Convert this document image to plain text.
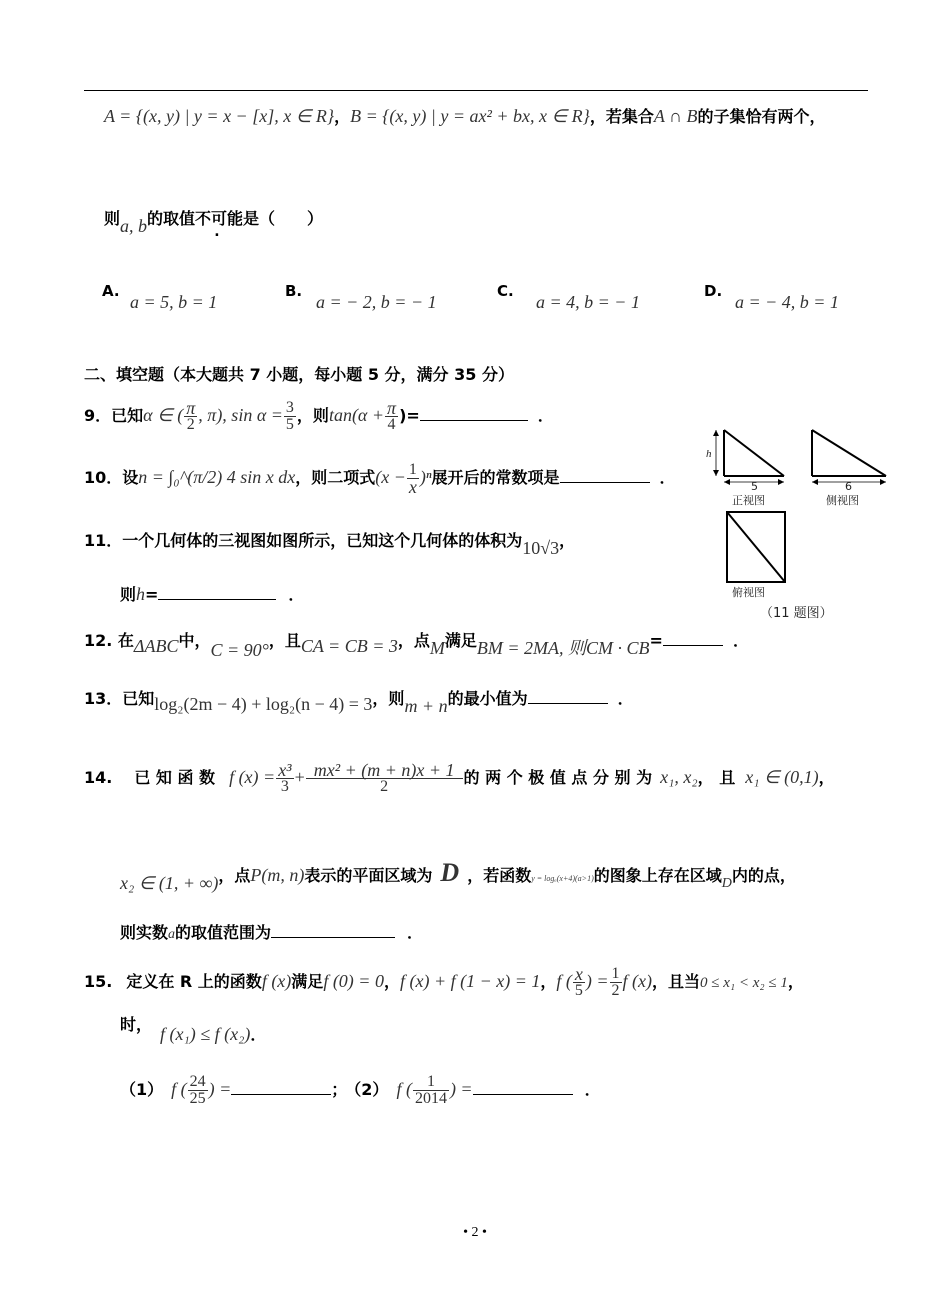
A = {(x, y) | y = x − [x], x ∈ R}，B = {(x, y) | y = ax² + bx, x ∈ R}，若集合A ∩ B的子集恰有两个，
则a, b的取值不可能是（　　）
A.
a = 5, b = 1
B.
a = − 2, b = − 1
C.
a = 4, b = − 1
D.
a = − 4, b = 1
二、填空题（本大题共 7 小题，每小题 5 分，满分 35 分）
9．已知α ∈ ( $\frac{\pi}{2}$ , π), $\sin \alpha = \frac{3}{5}$ ，则$\tan(\alpha + \frac{\pi}{4}$ )=	．
10．设n = ∫₀^(π/2) 4 sin x dx，则二项式$(x - \frac{1}{x} )^n$展开后的常数项是	．
11．一个几何体的三视图如图所示，已知这个几何体的体积为10√3，
则h=	．
h
5
正视图
6
侧视图
俯视图
（11 题图）
12. 在ΔABC中，C = 90°，且CA = CB = 3，点M满足BM = 2MA, 则CM · CB=	．
13．已知log₂(2m − 4) + log₂(n − 4) = 3，则m + n的最小值为	．
14. 已 知 函 数 f $(x) = \frac{\text{x³}}{3} + \frac{\text{mx² + (m + n)x + 1}}{2}$ 的 两 个 极 值 点 分 别 为 x₁, x₂， 且 x₁ ∈ (0,1)，
x₂ ∈ (1, + ∞)，点P(m, n)表示的平面区域为 D ，若函数y = logₐ(x+4)(a>1)的图象上存在区域D内的点，
则实数a的取值范围为	．
15. 定义在 R 上的函数f (x)满足f (0) = 0，f (x) + f (1 − x) = 1，f ( $\frac{x}{5}$ ) = $\frac{1}{2}$ f (x)，且当0 ≤ x₁ < x₂ ≤ 1，
时， f (x₁) ≤ f (x₂)．
（1） f ( $\frac{24}{25}$ ) =	； （2） f ( $\frac{1}{2014}$ ) =	．
• 2 •
